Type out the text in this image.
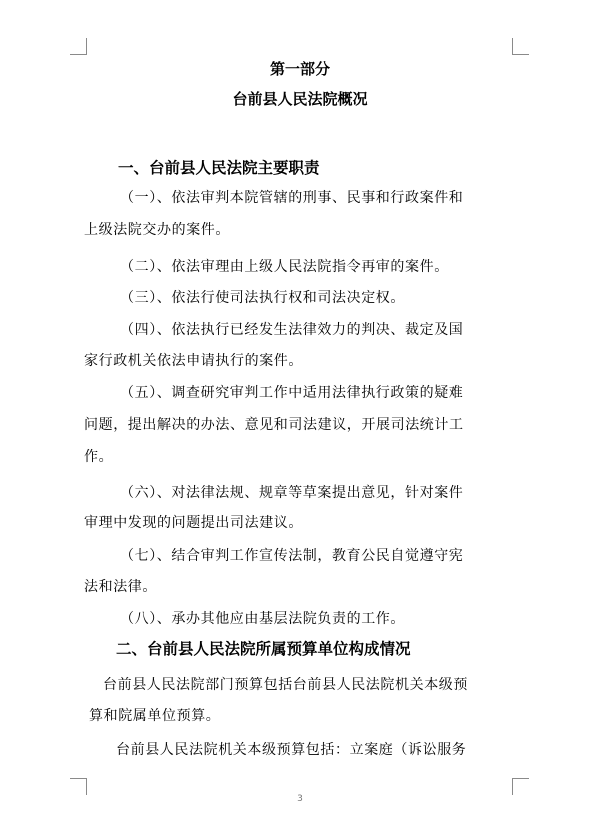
第一部分
台前县人民法院概况
一、台前县人民法院主要职责
（一）、依法审判本院管辖的刑事、民事和行政案件和
上级法院交办的案件。
（二）、依法审理由上级人民法院指令再审的案件。
（三）、依法行使司法执行权和司法决定权。
（四）、依法执行已经发生法律效力的判决、裁定及国
家行政机关依法申请执行的案件。
（五）、调查研究审判工作中适用法律执行政策的疑难
问题，提出解决的办法、意见和司法建议，开展司法统计工
作。
（六）、对法律法规、规章等草案提出意见，针对案件
审理中发现的问题提出司法建议。
（七）、结合审判工作宣传法制，教育公民自觉遵守宪
法和法律。
（八）、承办其他应由基层法院负责的工作。
二、台前县人民法院所属预算单位构成情况
台前县人民法院部门预算包括台前县人民法院机关本级预
算和院属单位预算。
台前县人民法院机关本级预算包括：立案庭（诉讼服务
3
